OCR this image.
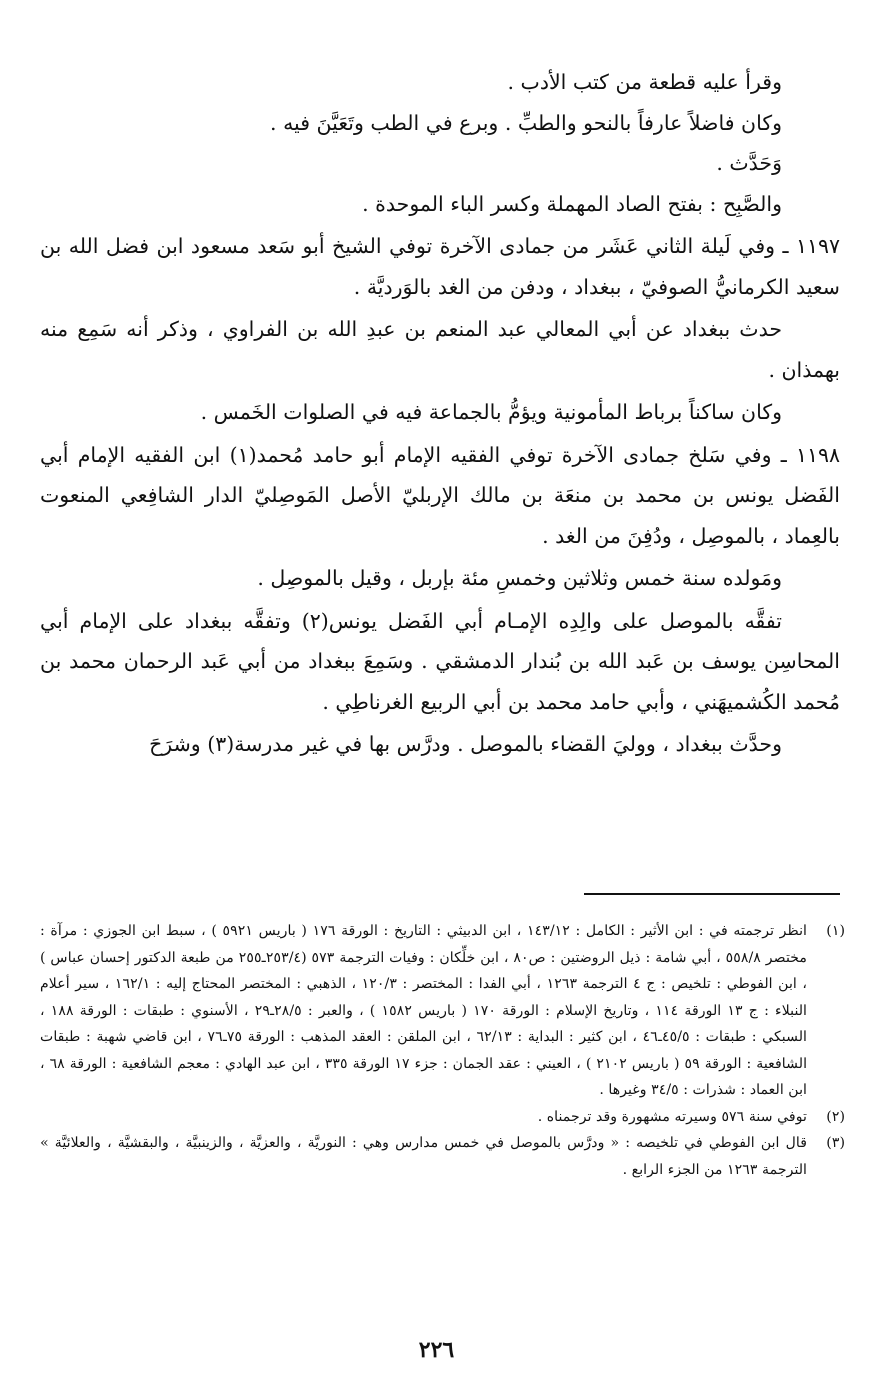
وقرأ عليه قطعة من كتب الأدب .

وكان فاضلاً عارفاً بالنحو والطبِّ . وبرع في الطب وتَعَيَّنَ فيه .

وَحَدَّث .

والصَّبِح : بفتح الصاد المهملة وكسر الباء الموحدة .

١١٩٧ ـ وفي لَيلة الثاني عَشَر من جمادى الآخرة توفي الشيخ أبو سَعد مسعود ابن فضل الله بن سعيد الكرمانيُّ الصوفيّ ، ببغداد ، ودفن من الغد بالوَرديَّة .

حدث ببغداد عن أبي المعالي عبد المنعم بن عبدِ الله بن الفراوي ، وذكر أنه سَمِع منه بهمذان .

وكان ساكناً برباط المأمونية ويؤمُّ بالجماعة فيه في الصلوات الخَمس .

١١٩٨ ـ وفي سَلخ جمادى الآخرة توفي الفقيه الإمام أبو حامد مُحمد(١) ابن الفقيه الإمام أبي الفَضل يونس بن محمد بن منعَة بن مالك الإربليّ الأصل المَوصِليّ الدار الشافِعي المنعوت بالعِماد ، بالموصِل ، ودُفِنَ من الغد .

ومَولده سنة خمس وثلاثين وخمسِ مئة بإربل ، وقيل بالموصِل .

تفقَّه بالموصل على والِدِه الإمـام أبي الفَضل يونس(٢) وتفقَّه ببغداد على الإمام أبي المحاسِن يوسف بن عَبد الله بن بُندار الدمشقي . وسَمِعَ ببغداد من أبي عَبد الرحمان محمد بن مُحمد الكُشميهَني ، وأبي حامد محمد بن أبي الربيع الغرناطِي .

وحدَّث ببغداد ، ووليَ القضاء بالموصل . ودرَّس بها في غير مدرسة(٣) وشرَحَ

(١)
انظر ترجمته في : ابن الأثير : الكامل : ١٤٣/١٢ ، ابن الدبيثي : التاريخ : الورقة ١٧٦ ( باريس ٥٩٢١ ) ، سبط ابن الجوزي : مرآة : مختصر ٥٥٨/٨ ، أبي شامة : ذيل الروضتين : ص٨٠ ، ابن خلِّكان : وفيات الترجمة ٥٧٣ (٢٥٣/٤ـ٢٥٥ من طبعة الدكتور إحسان عباس ) ، ابن الفوطي : تلخيص : ج ٤ الترجمة ١٢٦٣ ، أبي الفدا : المختصر : ١٢٠/٣ ، الذهبي : المختصر المحتاج إليه : ١٦٢/١ ، سير أعلام النبلاء : ج ١٣ الورقة ١١٤ ، وتاريخ الإسلام : الورقة ١٧٠ ( باريس ١٥٨٢ ) ، والعبر : ٢٨/٥ـ٢٩ ، الأسنوي : طبقات : الورقة ١٨٨ ، السبكي : طبقات : ٤٥/٥ـ٤٦ ، ابن كثير : البداية : ٦٢/١٣ ، ابن الملقن : العقد المذهب : الورقة ٧٥ـ٧٦ ، ابن قاضي شهبة : طبقات الشافعية : الورقة ٥٩ ( باريس ٢١٠٢ ) ، العيني : عقد الجمان : جزء ١٧ الورقة ٣٣٥ ، ابن عبد الهادي : معجم الشافعية : الورقة ٦٨ ، ابن العماد : شذرات : ٣٤/٥ وغيرها .

(٢)
توفي سنة ٥٧٦ وسيرته مشهورة وقد ترجمناه .

(٣)
قال ابن الفوطي في تلخيصه : « ودرَّس بالموصل في خمس مدارس وهي : النوريَّة ، والعزيَّة ، والزينبيَّة ، والبقشيَّة ، والعلائيَّة » الترجمة ١٢٦٣ من الجزء الرابع .

٢٢٦
